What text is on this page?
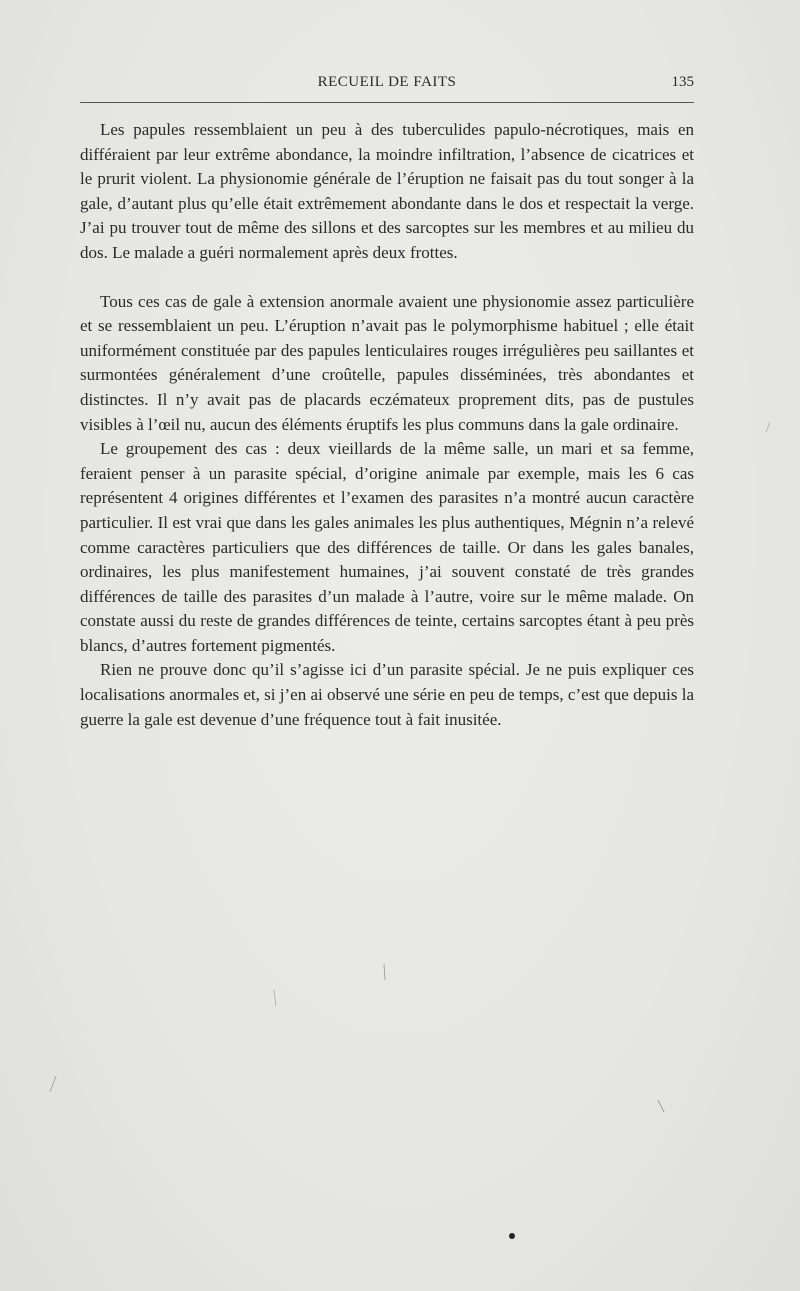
RECUEIL DE FAITS	135

Les papules ressemblaient un peu à des tuberculides papulo-nécrotiques, mais en différaient par leur extrême abondance, la moindre infiltration, l’absence de cicatrices et le prurit violent. La physionomie générale de l’éruption ne faisait pas du tout songer à la gale, d’autant plus qu’elle était extrêmement abondante dans le dos et respectait la verge. J’ai pu trouver tout de même des sillons et des sarcoptes sur les membres et au milieu du dos. Le malade a guéri normalement après deux frottes.

Tous ces cas de gale à extension anormale avaient une physionomie assez particulière et se ressemblaient un peu. L’éruption n’avait pas le polymorphisme habituel ; elle était uniformément constituée par des papules lenticulaires rouges irrégulières peu saillantes et surmontées généralement d’une croûtelle, papules disséminées, très abondantes et distinctes. Il n’y avait pas de placards eczémateux proprement dits, pas de pustules visibles à l’œil nu, aucun des éléments éruptifs les plus communs dans la gale ordinaire.

Le groupement des cas : deux vieillards de la même salle, un mari et sa femme, feraient penser à un parasite spécial, d’origine animale par exemple, mais les 6 cas représentent 4 origines différentes et l’examen des parasites n’a montré aucun caractère particulier. Il est vrai que dans les gales animales les plus authentiques, Mégnin n’a relevé comme caractères particuliers que des différences de taille. Or dans les gales banales, ordinaires, les plus manifestement humaines, j’ai souvent constaté de très grandes différences de taille des parasites d’un malade à l’autre, voire sur le même malade. On constate aussi du reste de grandes différences de teinte, certains sarcoptes étant à peu près blancs, d’autres fortement pigmentés.

Rien ne prouve donc qu’il s’agisse ici d’un parasite spécial. Je ne puis expliquer ces localisations anormales et, si j’en ai observé une série en peu de temps, c’est que depuis la guerre la gale est devenue d’une fréquence tout à fait inusitée.
